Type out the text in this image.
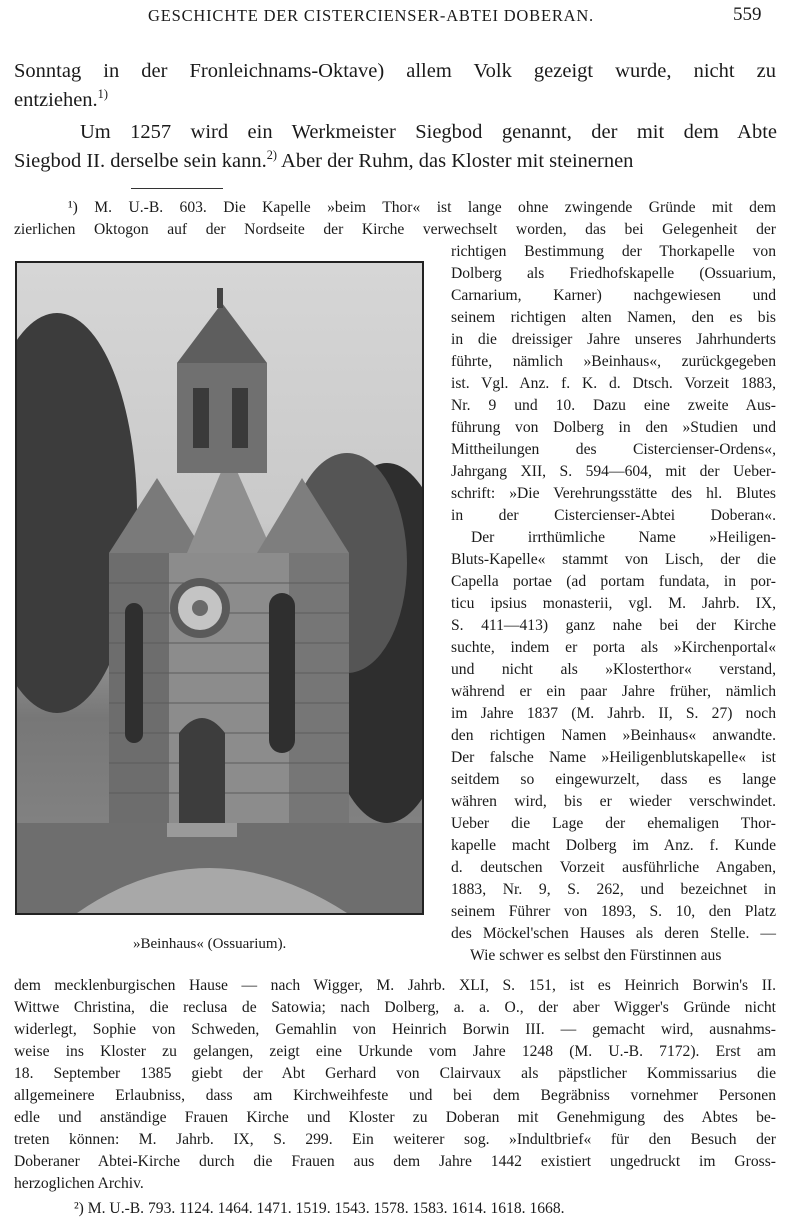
GESCHICHTE DER CISTERCIENSER-ABTEI DOBERAN.	559
Sonntag in der Fronleichnams-Oktave) allem Volk gezeigt wurde, nicht zu
entziehen.$^{1)}$
Um 1257 wird ein Werkmeister Siegbod genannt, der mit dem Abte
Siegbod II. derselbe sein kann.$^{2)}$ Aber der Ruhm, das Kloster mit steinernen
¹) M. U.-B. 603. Die Kapelle »beim Thor« ist lange ohne zwingende Gründe mit dem
zierlichen Oktogon auf der Nordseite der Kirche verwechselt worden, das bei Gelegenheit der
richtigen Bestimmung der Thorkapelle von
Dolberg als Friedhofskapelle (Ossuarium,
Carnarium, Karner) nachgewiesen und
seinem richtigen alten Namen, den es bis
in die dreissiger Jahre unseres Jahrhunderts
führte, nämlich »Beinhaus«, zurückgegeben
ist. Vgl. Anz. f. K. d. Dtsch. Vorzeit 1883,
Nr. 9 und 10. Dazu eine zweite Aus-
führung von Dolberg in den »Studien und
Mittheilungen des Cistercienser-Ordens«,
Jahrgang XII, S. 594—604, mit der Ueber-
schrift: »Die Verehrungsstätte des hl. Blutes
in der Cistercienser-Abtei Doberan«.
Der irrthümliche Name »Heiligen-
Bluts-Kapelle« stammt von Lisch, der die
Capella portae (ad portam fundata, in por-
ticu ipsius monasterii, vgl. M. Jahrb. IX,
S. 411—413) ganz nahe bei der Kirche
suchte, indem er porta als »Kirchenportal«
und nicht als »Klosterthor« verstand,
während er ein paar Jahre früher, nämlich
im Jahre 1837 (M. Jahrb. II, S. 27) noch
den richtigen Namen »Beinhaus« anwandte.
Der falsche Name »Heiligenblutskapelle« ist
seitdem so eingewurzelt, dass es lange
währen wird, bis er wieder verschwindet.
Ueber die Lage der ehemaligen Thor-
kapelle macht Dolberg im Anz. f. Kunde
d. deutschen Vorzeit ausführliche Angaben,
1883, Nr. 9, S. 262, und bezeichnet in
seinem Führer von 1893, S. 10, den Platz
des Möckel'schen Hauses als deren Stelle. —
Wie schwer es selbst den Fürstinnen aus
»Beinhaus« (Ossuarium).
dem mecklenburgischen Hause — nach Wigger, M. Jahrb. XLI, S. 151, ist es Heinrich Borwin's II.
Wittwe Christina, die reclusa de Satowia; nach Dolberg, a. a. O., der aber Wigger's Gründe nicht
widerlegt, Sophie von Schweden, Gemahlin von Heinrich Borwin III. — gemacht wird, ausnahms-
weise ins Kloster zu gelangen, zeigt eine Urkunde vom Jahre 1248 (M. U.-B. 7172). Erst am
18. September 1385 giebt der Abt Gerhard von Clairvaux als päpstlicher Kommissarius die
allgemeinere Erlaubniss, dass am Kirchweihfeste und bei dem Begräbniss vornehmer Personen
edle und anständige Frauen Kirche und Kloster zu Doberan mit Genehmigung des Abtes be-
treten können: M. Jahrb. IX, S. 299. Ein weiterer sog. »Indultbrief« für den Besuch der
Doberaner Abtei-Kirche durch die Frauen aus dem Jahre 1442 existiert ungedruckt im Gross-
herzoglichen Archiv.
²) M. U.-B. 793. 1124. 1464. 1471. 1519. 1543. 1578. 1583. 1614. 1618. 1668.
